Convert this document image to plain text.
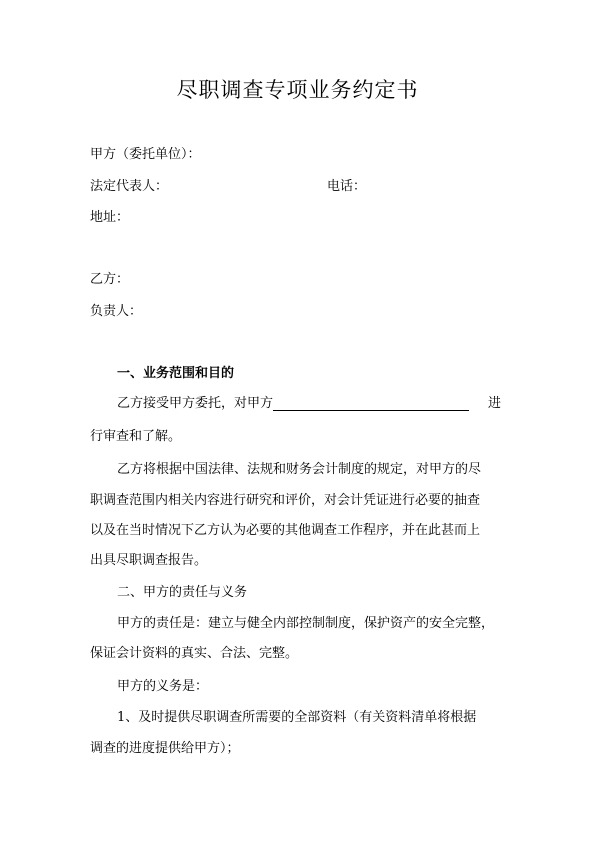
尽职调查专项业务约定书
甲方（委托单位）：
法定代表人：	电话：
地址：
乙方：
负责人：
一、业务范围和目的
乙方接受甲方委托，对甲方	进
行审查和了解。
乙方将根据中国法律、法规和财务会计制度的规定，对甲方的尽
职调查范围内相关内容进行研究和评价，对会计凭证进行必要的抽查
以及在当时情况下乙方认为必要的其他调查工作程序，并在此甚而上
出具尽职调查报告。
二、甲方的责任与义务
甲方的责任是：建立与健全内部控制制度，保护资产的安全完整，
保证会计资料的真实、合法、完整。
甲方的义务是：
1、及时提供尽职调查所需要的全部资料（有关资料清单将根据
调查的进度提供给甲方）；
